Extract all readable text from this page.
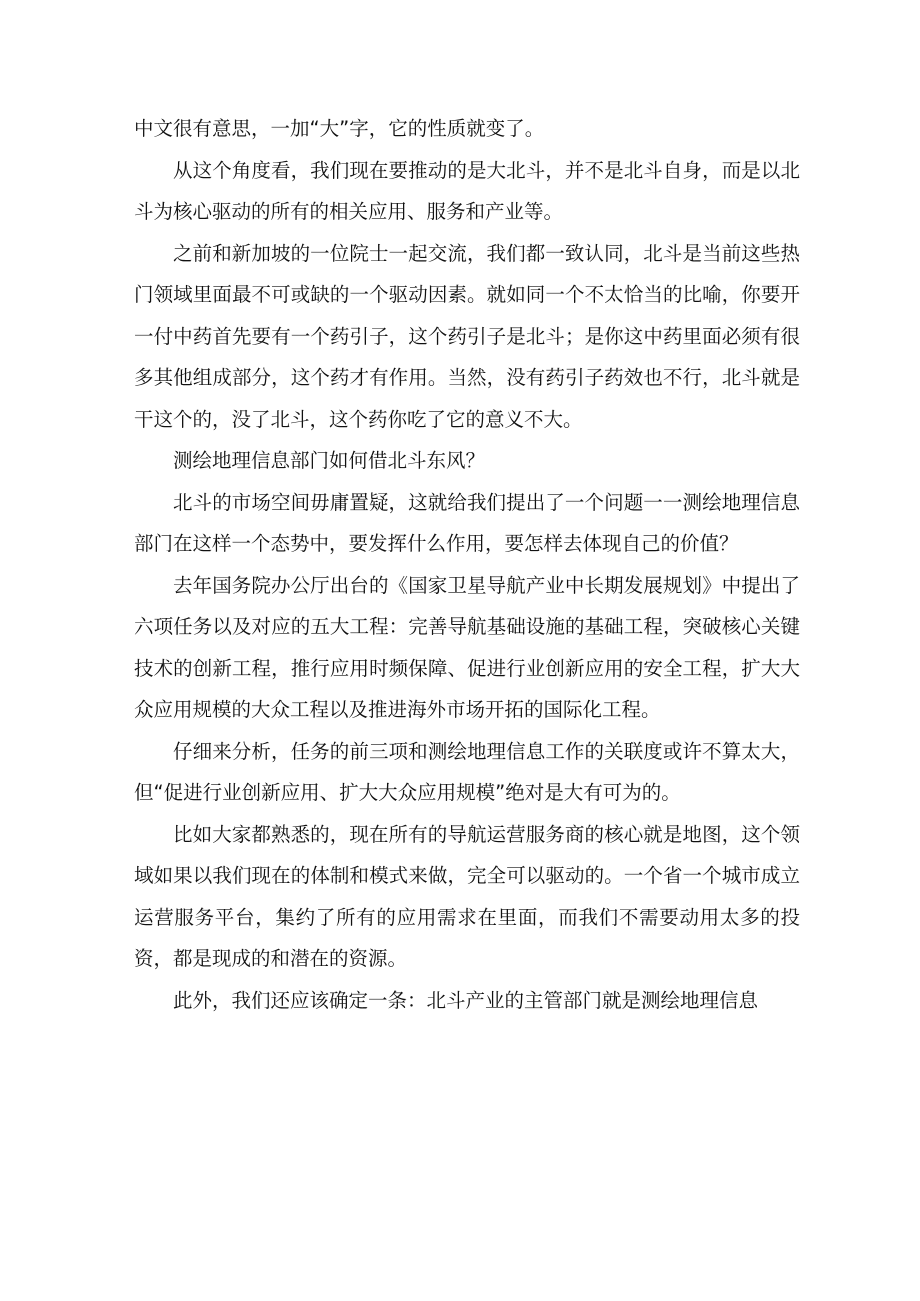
中文很有意思，一加“大”字，它的性质就变了。

从这个角度看，我们现在要推动的是大北斗，并不是北斗自身，而是以北斗为核心驱动的所有的相关应用、服务和产业等。

之前和新加坡的一位院士一起交流，我们都一致认同，北斗是当前这些热门领域里面最不可或缺的一个驱动因素。就如同一个不太恰当的比喻，你要开一付中药首先要有一个药引子，这个药引子是北斗；是你这中药里面必须有很多其他组成部分，这个药才有作用。当然，没有药引子药效也不行，北斗就是干这个的，没了北斗，这个药你吃了它的意义不大。

测绘地理信息部门如何借北斗东风？

北斗的市场空间毋庸置疑，这就给我们提出了一个问题一一测绘地理信息部门在这样一个态势中，要发挥什么作用，要怎样去体现自己的价值？

去年国务院办公厅出台的《国家卫星导航产业中长期发展规划》中提出了六项任务以及对应的五大工程：完善导航基础设施的基础工程，突破核心关键技术的创新工程，推行应用时频保障、促进行业创新应用的安全工程，扩大大众应用规模的大众工程以及推进海外市场开拓的国际化工程。

仔细来分析，任务的前三项和测绘地理信息工作的关联度或许不算太大，但“促进行业创新应用、扩大大众应用规模”绝对是大有可为的。

比如大家都熟悉的，现在所有的导航运营服务商的核心就是地图，这个领域如果以我们现在的体制和模式来做，完全可以驱动的。一个省一个城市成立运营服务平台，集约了所有的应用需求在里面，而我们不需要动用太多的投资，都是现成的和潜在的资源。

此外，我们还应该确定一条：北斗产业的主管部门就是测绘地理信息
